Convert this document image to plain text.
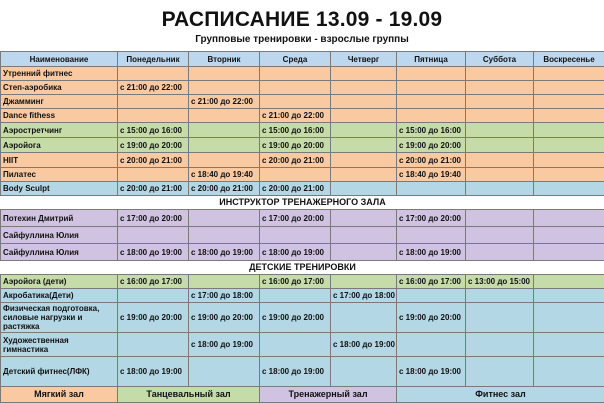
РАСПИСАНИЕ 13.09 - 19.09
Групповые тренировки - взрослые группы
Наименование	Понедельник	Вторник	Среда	Четверг	Пятница	Суббота	Воскресенье
Утренний фитнес							
Степ-аэробика	с 21:00 до 22:00						
Джамминг		с 21:00 до 22:00					
Dance fithess			с 21:00 до 22:00				
Аэростретчинг	с 15:00 до 16:00		с 15:00 до 16:00		с 15:00 до 16:00		
Аэройога	с 19:00 до 20:00		с 19:00 до 20:00		с 19:00 до 20:00		
HIIT	с 20:00 до 21:00		с 20:00 до 21:00		с 20:00 до 21:00		
Пилатес		с 18:40 до 19:40			с 18:40 до 19:40		
Body Sculpt	с 20:00 до 21:00	с 20:00 до 21:00	с 20:00 до 21:00				
ИНСТРУКТОР ТРЕНАЖЕРНОГО ЗАЛА							
Потехин Дмитрий	с 17:00 до 20:00		с 17:00 до 20:00		с 17:00 до 20:00		
Сайфуллина Юлия							
Сайфуллина Юлия	с 18:00 до 19:00	с 18:00 до 19:00	с 18:00 до 19:00		с 18:00 до 19:00		
ДЕТСКИЕ ТРЕНИРОВКИ							
Аэройога (дети)	с 16:00 до 17:00		с 16:00 до 17:00		с 16:00 до 17:00	с 13:00 до 15:00	
Акробатика(Дети)		с 17:00 до 18:00		с 17:00 до 18:00			
Физическая подготовка, силовые нагрузки и растяжка	с 19:00 до 20:00	с 19:00 до 20:00	с 19:00 до 20:00		с 19:00 до 20:00		
Художественная гимнастика		с 18:00 до 19:00		с 18:00 до 19:00			
Детский фитнес(ЛФК)	с 18:00 до 19:00		с 18:00 до 19:00		с 18:00 до 19:00		
Мягкий зал	Танцевальный зал		Тренажерный зал		Фитнес зал		
